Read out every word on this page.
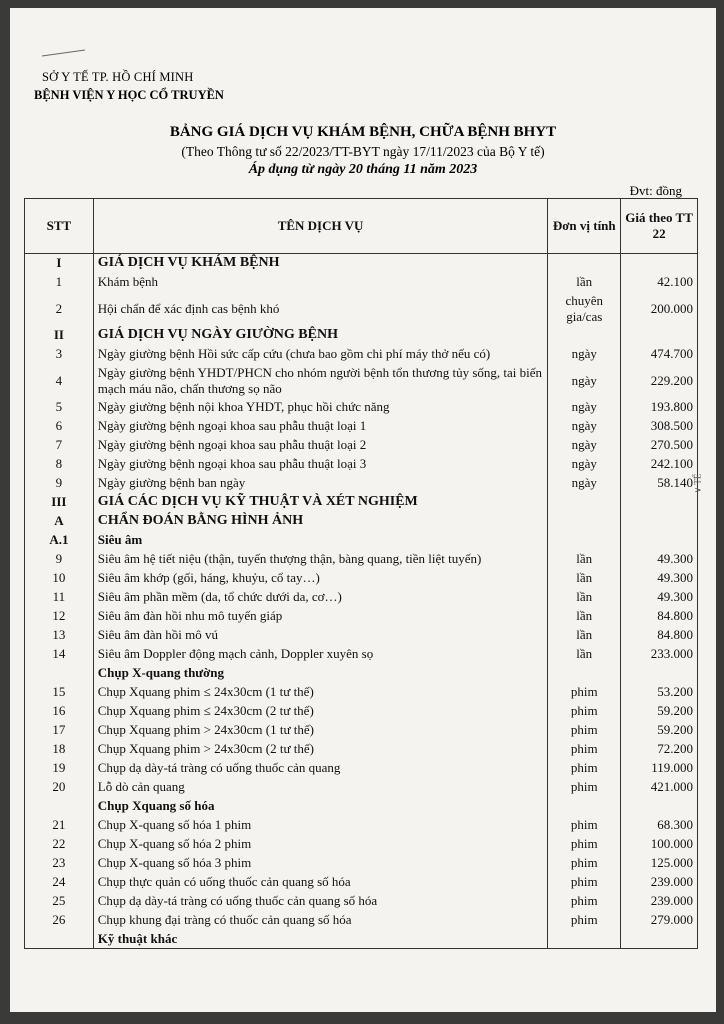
SỞ Y TẾ TP. HỒ CHÍ MINH
BỆNH VIỆN Y HỌC CỔ TRUYỀN
BẢNG GIÁ DỊCH VỤ KHÁM BỆNH, CHỮA BỆNH BHYT
(Theo Thông tư số 22/2023/TT-BYT ngày 17/11/2023 của Bộ Y tế)
Áp dụng từ ngày 20 tháng 11 năm 2023
Đvt: đồng
STT	TÊN DỊCH VỤ	Đơn vị tính	Giá theo TT 22
I	GIÁ DỊCH VỤ KHÁM BỆNH		
1	Khám bệnh	lần	42.100
2	Hội chẩn để xác định cas bệnh khó	chuyên gia/cas	200.000
II	GIÁ DỊCH VỤ NGÀY GIƯỜNG BỆNH		
3	Ngày giường bệnh Hồi sức cấp cứu (chưa bao gồm chi phí máy thở nếu có)	ngày	474.700
4	Ngày giường bệnh YHDT/PHCN cho nhóm người bệnh tổn thương tủy sống, tai biến mạch máu não, chấn thương sọ não	ngày	229.200
5	Ngày giường bệnh nội khoa YHDT, phục hồi chức năng	ngày	193.800
6	Ngày giường bệnh ngoại khoa sau phẫu thuật loại 1	ngày	308.500
7	Ngày giường bệnh ngoại khoa sau phẫu thuật loại 2	ngày	270.500
8	Ngày giường bệnh ngoại khoa sau phẫu thuật loại 3	ngày	242.100
9	Ngày giường bệnh ban ngày	ngày	58.140
III	GIÁ CÁC DỊCH VỤ KỸ THUẬT VÀ XÉT NGHIỆM		
A	CHẨN ĐOÁN BẰNG HÌNH ẢNH		
A.1	Siêu âm		
9	Siêu âm hệ tiết niệu (thận, tuyến thượng thận, bàng quang, tiền liệt tuyến)	lần	49.300
10	Siêu âm khớp (gối, háng, khuỷu, cổ tay…)	lần	49.300
11	Siêu âm phần mềm (da, tổ chức dưới da, cơ…)	lần	49.300
12	Siêu âm đàn hồi nhu mô tuyến giáp	lần	84.800
13	Siêu âm đàn hồi mô vú	lần	84.800
14	Siêu âm Doppler động mạch cảnh, Doppler xuyên sọ	lần	233.000
	Chụp X-quang thường		
15	Chụp Xquang phim ≤ 24x30cm (1 tư thế)	phim	53.200
16	Chụp Xquang phim ≤ 24x30cm (2 tư thế)	phim	59.200
17	Chụp Xquang phim > 24x30cm (1 tư thế)	phim	59.200
18	Chụp Xquang phim > 24x30cm (2 tư thế)	phim	72.200
19	Chụp dạ dày-tá tràng có uống thuốc cản quang	phim	119.000
20	Lỗ dò cản quang	phim	421.000
	Chụp Xquang số hóa		
21	Chụp X-quang số hóa 1 phim	phim	68.300
22	Chụp X-quang số hóa 2 phim	phim	100.000
23	Chụp X-quang số hóa 3 phim	phim	125.000
24	Chụp thực quản có uống thuốc cản quang số hóa	phim	239.000
25	Chụp dạ dày-tá tràng có uống thuốc cản quang số hóa	phim	239.000
26	Chụp khung đại tràng có thuốc cản quang số hóa	phim	279.000
	Kỹ thuật khác		
∨ TẾ
